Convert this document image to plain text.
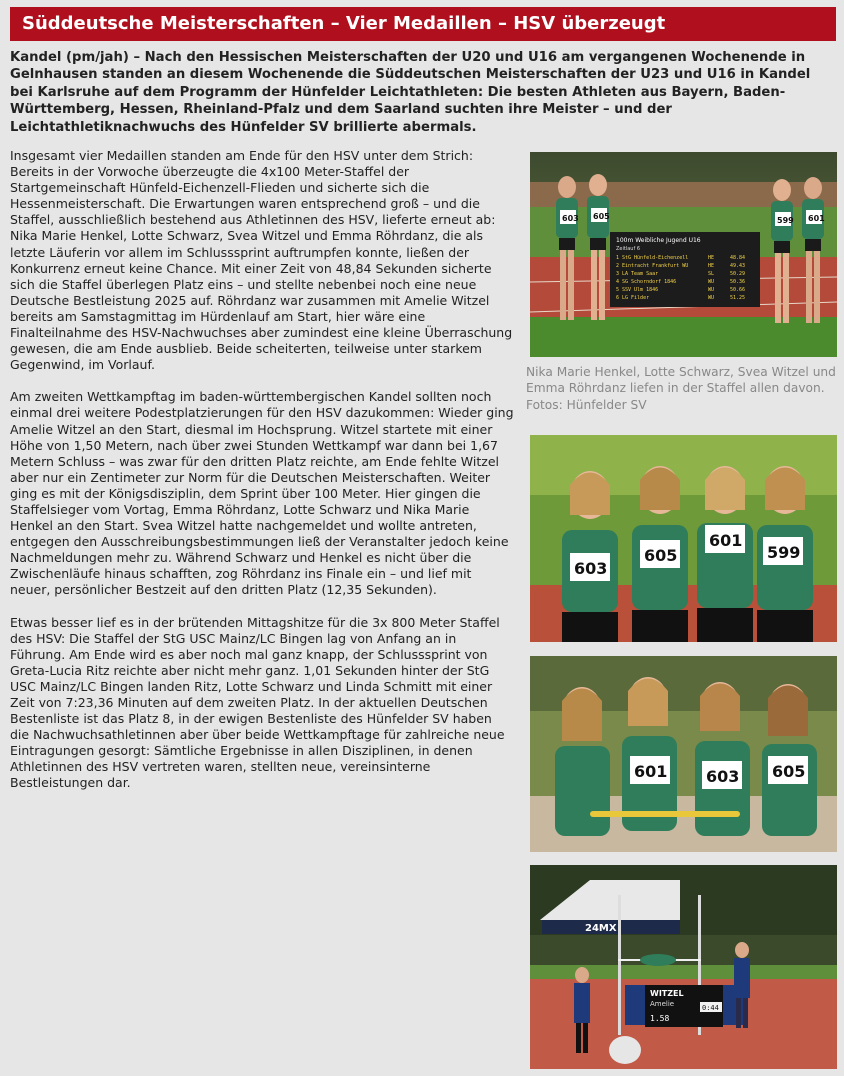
Süddeutsche Meisterschaften – Vier Medaillen – HSV überzeugt
Kandel (pm/jah) – Nach den Hessischen Meisterschaften der U20 und U16 am vergangenen Wochenende in Gelnhausen standen an diesem Wochenende die Süddeutschen Meisterschaften der U23 und U16 in Kandel bei Karlsruhe auf dem Programm der Hünfelder Leichtathleten: Die besten Athleten aus Bayern, Baden-Württemberg, Hessen, Rheinland-Pfalz und dem Saarland suchten ihre Meister – und der Leichtathletiknachwuchs des Hünfelder SV brillierte abermals.

Insgesamt vier Medaillen standen am Ende für den HSV unter dem Strich: Bereits in der Vorwoche überzeugte die 4x100 Meter-Staffel der Startgemeinschaft Hünfeld-Eichenzell-Flieden und sicherte sich die Hessenmeisterschaft. Die Erwartungen waren entsprechend groß – und die Staffel, ausschließlich bestehend aus Athletinnen des HSV, lieferte erneut ab: Nika Marie Henkel, Lotte Schwarz, Svea Witzel und Emma Röhrdanz, die als letzte Läuferin vor allem im Schlusssprint auftrumpfen konnte, ließen der Konkurrenz erneut keine Chance. Mit einer Zeit von 48,84 Sekunden sicherte sich die Staffel überlegen Platz eins – und stellte nebenbei noch eine neue Deutsche Bestleistung 2025 auf. Röhrdanz war zusammen mit Amelie Witzel bereits am Samstagmittag im Hürdenlauf am Start, hier wäre eine Finalteilnahme des HSV-Nachwuchses aber zumindest eine kleine Überraschung gewesen, die am Ende ausblieb. Beide scheiterten, teilweise unter starkem Gegenwind, im Vorlauf.

Am zweiten Wettkampftag im baden-württembergischen Kandel sollten noch einmal drei weitere Podestplatzierungen für den HSV dazukommen: Wieder ging Amelie Witzel an den Start, diesmal im Hochsprung. Witzel startete mit einer Höhe von 1,50 Metern, nach über zwei Stunden Wettkampf war dann bei 1,67 Metern Schluss – was zwar für den dritten Platz reichte, am Ende fehlte Witzel aber nur ein Zentimeter zur Norm für die Deutschen Meisterschaften. Weiter ging es mit der Königsdisziplin, dem Sprint über 100 Meter. Hier gingen die Staffelsieger vom Vortag, Emma Röhrdanz, Lotte Schwarz und Nika Marie Henkel an den Start. Svea Witzel hatte nachgemeldet und wollte antreten, entgegen den Ausschreibungsbestimmungen ließ der Veranstalter jedoch keine Nachmeldungen mehr zu. Während Schwarz und Henkel es nicht über die Zwischenläufe hinaus schafften, zog Röhrdanz ins Finale ein – und lief mit neuer, persönlicher Bestzeit auf den dritten Platz (12,35 Sekunden).

Etwas besser lief es in der brütenden Mittagshitze für die 3x 800 Meter Staffel des HSV: Die Staffel der StG USC Mainz/LC Bingen lag von Anfang an in Führung. Am Ende wird es aber noch mal ganz knapp, der Schlusssprint von Greta-Lucia Ritz reichte aber nicht mehr ganz. 1,01 Sekunden hinter der StG USC Mainz/LC Bingen landen Ritz, Lotte Schwarz und Linda Schmitt mit einer Zeit von 7:23,36 Minuten auf dem zweiten Platz. In der aktuellen Deutschen Bestenliste ist das Platz 8, in der ewigen Bestenliste des Hünfelder SV haben die Nachwuchsathletinnen aber über beide Wettkampftage für zahlreiche neue Eintragungen gesorgt: Sämtliche Ergebnisse in allen Disziplinen, in denen Athletinnen des HSV vertreten waren, stellten neue, vereinsinterne Bestleistungen dar.

100m Weibliche Jugend U16
Zeitlauf 6
1 StG Hünfeld-Eichenzell	HE	48.84
2 Eintracht Frankfurt WU	HE	49.43
3 LA Team Saar	SL	50.29
4 SG Schorndorf 1846	WU	50.36
5 SSV Ulm 1846	WU	50.66
6 LG Filder	WU	51.25
603 605	599 601
Nika Marie Henkel, Lotte Schwarz, Svea Witzel und Emma Röhrdanz liefen in der Staffel allen davon. Fotos: Hünfelder SV
603
605
601
599
601 603 605
24MX
WITZEL
Amelie
1.58
0:44
